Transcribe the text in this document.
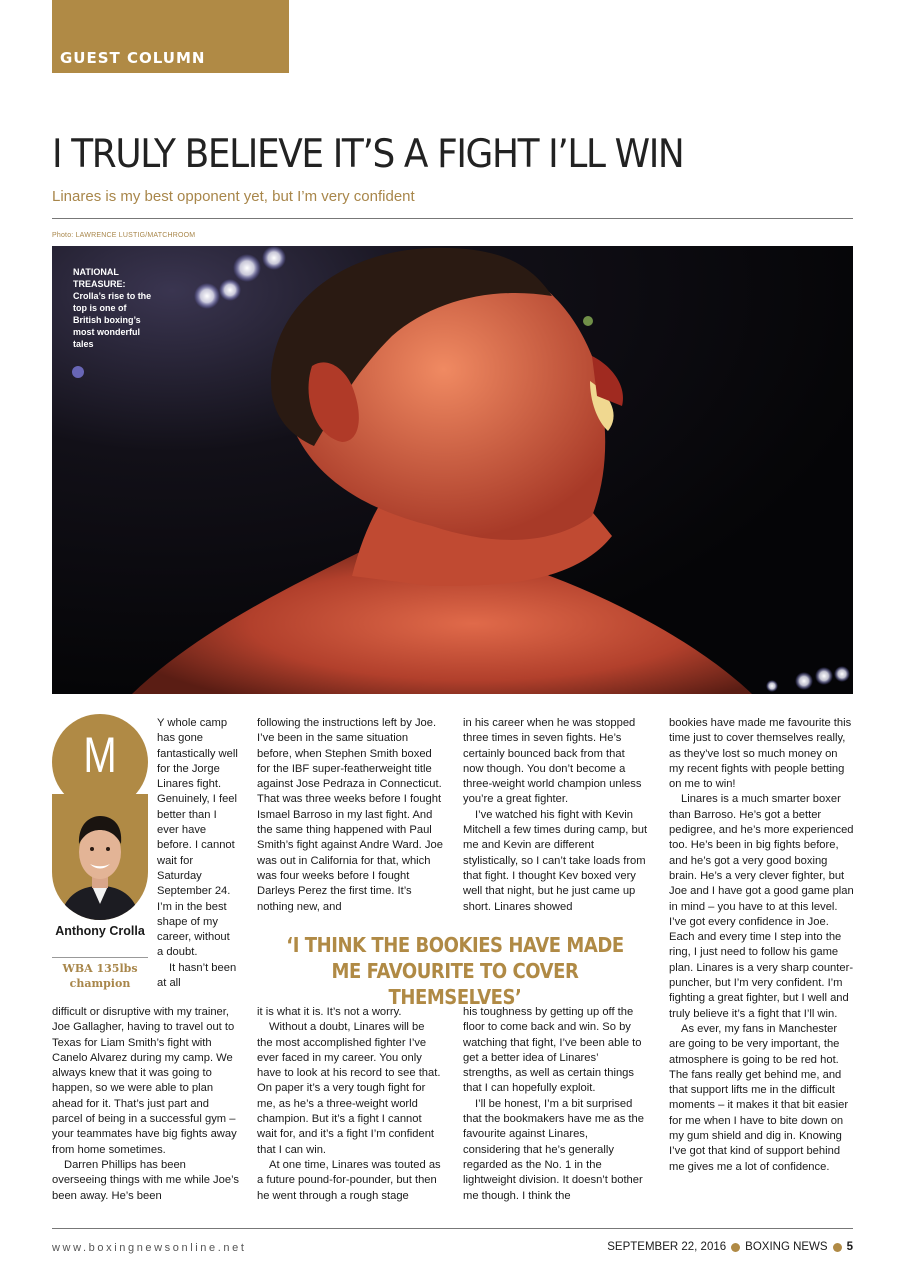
GUEST COLUMN
I TRULY BELIEVE IT’S A FIGHT I’LL WIN
Linares is my best opponent yet, but I’m very confident
Photo: LAWRENCE LUSTIG/MATCHROOM
NATIONAL TREASURE: Crolla’s rise to the top is one of British boxing’s most wonderful tales
M
Anthony Crolla
WBA 135lbs champion

Y whole camp has gone fantastically well for the Jorge Linares fight. Genuinely, I feel better than I ever have before. I cannot wait for Saturday September 24. I’m in the best shape of my career, without a doubt.

It hasn’t been at all

difficult or disruptive with my trainer, Joe Gallagher, having to travel out to Texas for Liam Smith’s fight with Canelo Alvarez during my camp. We always knew that it was going to happen, so we were able to plan ahead for it. That’s just part and parcel of being in a successful gym – your teammates have big fights away from home sometimes.

Darren Phillips has been overseeing things with me while Joe’s been away. He’s been

following the instructions left by Joe. I’ve been in the same situation before, when Stephen Smith boxed for the IBF super-featherweight title against Jose Pedraza in Connecticut. That was three weeks before I fought Ismael Barroso in my last fight. And the same thing happened with Paul Smith’s fight against Andre Ward. Joe was out in California for that, which was four weeks before I fought Darleys Perez the first time. It’s nothing new, and

it is what it is. It’s not a worry.

Without a doubt, Linares will be the most accomplished fighter I’ve ever faced in my career. You only have to look at his record to see that. On paper it’s a very tough fight for me, as he’s a three-weight world champion. But it’s a fight I cannot wait for, and it’s a fight I’m confident that I can win.

At one time, Linares was touted as a future pound-for-pounder, but then he went through a rough stage

in his career when he was stopped three times in seven fights. He’s certainly bounced back from that now though. You don’t become a three-weight world champion unless you’re a great fighter.

I’ve watched his fight with Kevin Mitchell a few times during camp, but me and Kevin are different stylistically, so I can’t take loads from that fight. I thought Kev boxed very well that night, but he just came up short. Linares showed

his toughness by getting up off the floor to come back and win. So by watching that fight, I’ve been able to get a better idea of Linares’ strengths, as well as certain things that I can hopefully exploit.

I’ll be honest, I’m a bit surprised that the bookmakers have me as the favourite against Linares, considering that he’s generally regarded as the No. 1 in the lightweight division. It doesn’t bother me though. I think the

bookies have made me favourite this time just to cover themselves really, as they’ve lost so much money on my recent fights with people betting on me to win!

Linares is a much smarter boxer than Barroso. He’s got a better pedigree, and he’s more experienced too. He’s been in big fights before, and he’s got a very good boxing brain. He’s a very clever fighter, but Joe and I have got a good game plan in mind – you have to at this level. I’ve got every confidence in Joe. Each and every time I step into the ring, I just need to follow his game plan. Linares is a very sharp counter-puncher, but I’m very confident. I’m fighting a great fighter, but I well and truly believe it’s a fight that I’ll win.

As ever, my fans in Manchester are going to be very important, the atmosphere is going to be red hot. The fans really get behind me, and that support lifts me in the difficult moments – it makes it that bit easier for me when I have to bite down on my gum shield and dig in. Knowing I’ve got that kind of support behind me gives me a lot of confidence.

‘I THINK THE BOOKIES HAVE MADE ME FAVOURITE TO COVER THEMSELVES’
www.boxingnewsonline.net	SEPTEMBER 22, 2016 BOXING NEWS 5
